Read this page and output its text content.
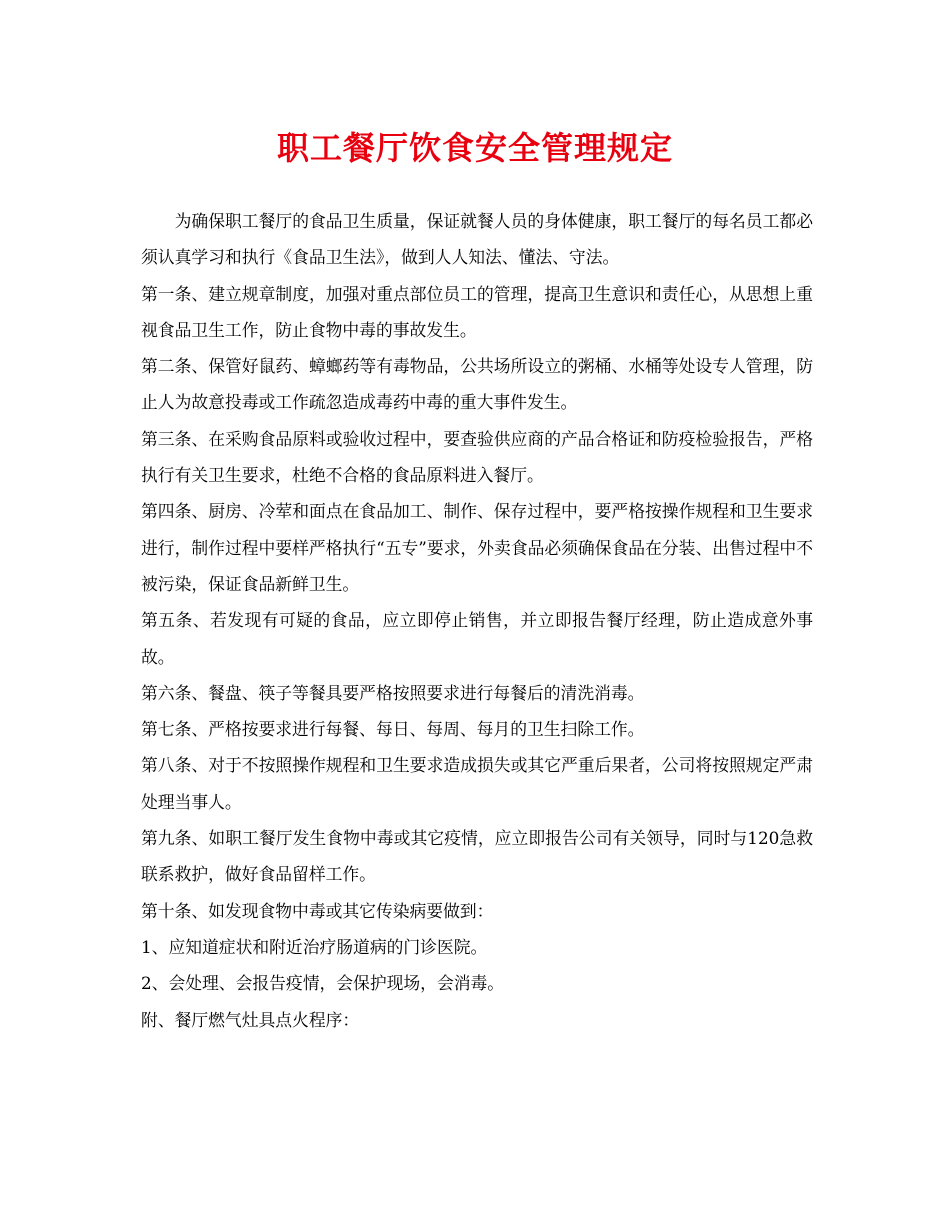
职工餐厅饮食安全管理规定

为确保职工餐厅的食品卫生质量，保证就餐人员的身体健康，职工餐厅的每名员工都必须认真学习和执行《食品卫生法》，做到人人知法、懂法、守法。

第一条、建立规章制度，加强对重点部位员工的管理，提高卫生意识和责任心，从思想上重视食品卫生工作，防止食物中毒的事故发生。

第二条、保管好鼠药、蟑螂药等有毒物品，公共场所设立的粥桶、水桶等处设专人管理，防止人为故意投毒或工作疏忽造成毒药中毒的重大事件发生。

第三条、在采购食品原料或验收过程中，要查验供应商的产品合格证和防疫检验报告，严格执行有关卫生要求，杜绝不合格的食品原料进入餐厅。

第四条、厨房、冷荤和面点在食品加工、制作、保存过程中，要严格按操作规程和卫生要求进行，制作过程中要样严格执行“五专”要求，外卖食品必须确保食品在分装、出售过程中不被污染，保证食品新鲜卫生。

第五条、若发现有可疑的食品，应立即停止销售，并立即报告餐厅经理，防止造成意外事故。

第六条、餐盘、筷子等餐具要严格按照要求进行每餐后的清洗消毒。

第七条、严格按要求进行每餐、每日、每周、每月的卫生扫除工作。

第八条、对于不按照操作规程和卫生要求造成损失或其它严重后果者，公司将按照规定严肃处理当事人。

第九条、如职工餐厅发生食物中毒或其它疫情，应立即报告公司有关领导，同时与120急救联系救护，做好食品留样工作。

第十条、如发现食物中毒或其它传染病要做到：

1、应知道症状和附近治疗肠道病的门诊医院。

2、会处理、会报告疫情，会保护现场，会消毒。

附、餐厅燃气灶具点火程序：
